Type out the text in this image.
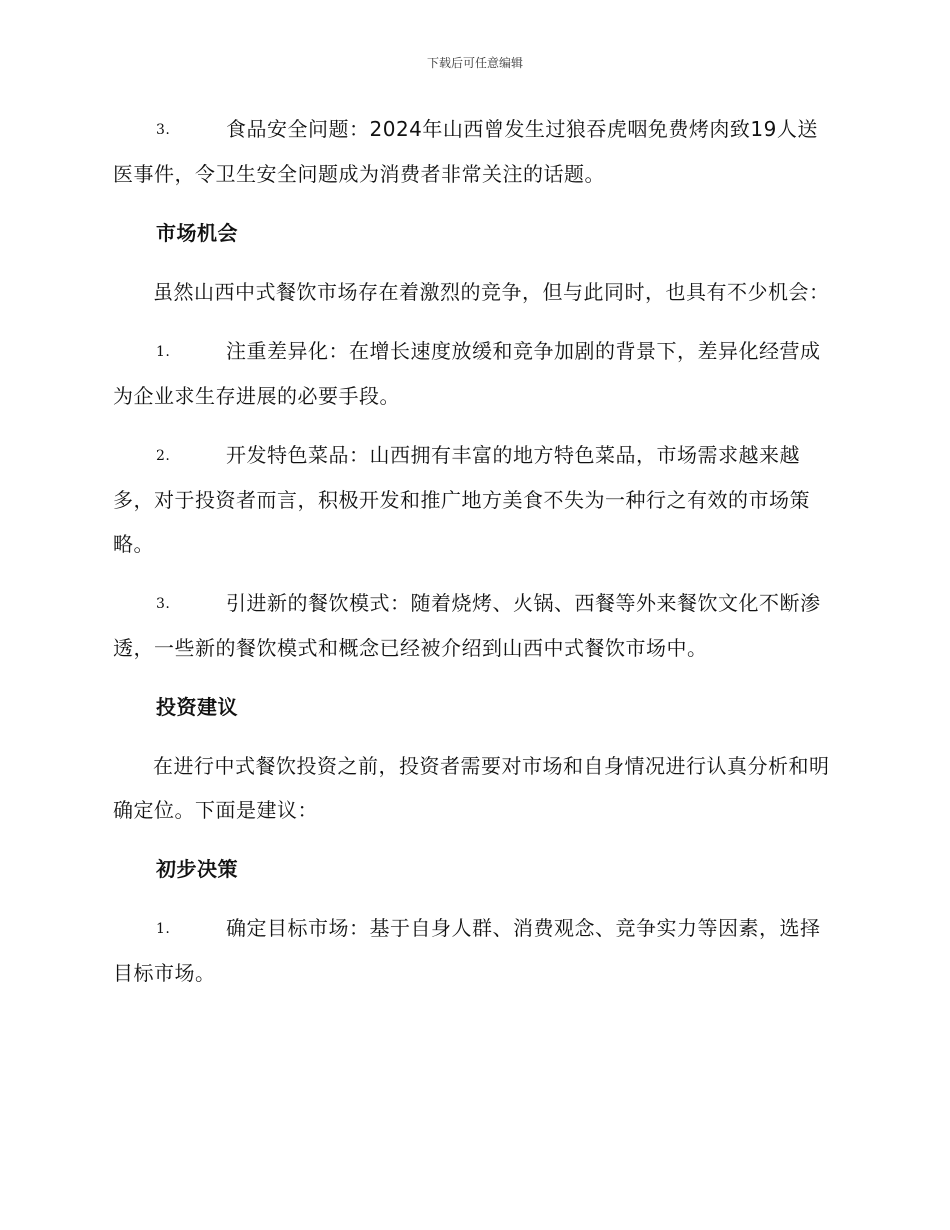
下载后可任意编辑

3.	食品安全问题：2024年山西曾发生过狼吞虎咽免费烤肉致19人送医事件，令卫生安全问题成为消费者非常关注的话题。

市场机会

虽然山西中式餐饮市场存在着激烈的竞争，但与此同时，也具有不少机会：

1.	注重差异化：在增长速度放缓和竞争加剧的背景下，差异化经营成为企业求生存进展的必要手段。

2.	开发特色菜品：山西拥有丰富的地方特色菜品，市场需求越来越多，对于投资者而言，积极开发和推广地方美食不失为一种行之有效的市场策略。

3.	引进新的餐饮模式：随着烧烤、火锅、西餐等外来餐饮文化不断渗透，一些新的餐饮模式和概念已经被介绍到山西中式餐饮市场中。

投资建议

在进行中式餐饮投资之前，投资者需要对市场和自身情况进行认真分析和明确定位。下面是建议：

初步决策

1.	确定目标市场：基于自身人群、消费观念、竞争实力等因素，选择目标市场。
